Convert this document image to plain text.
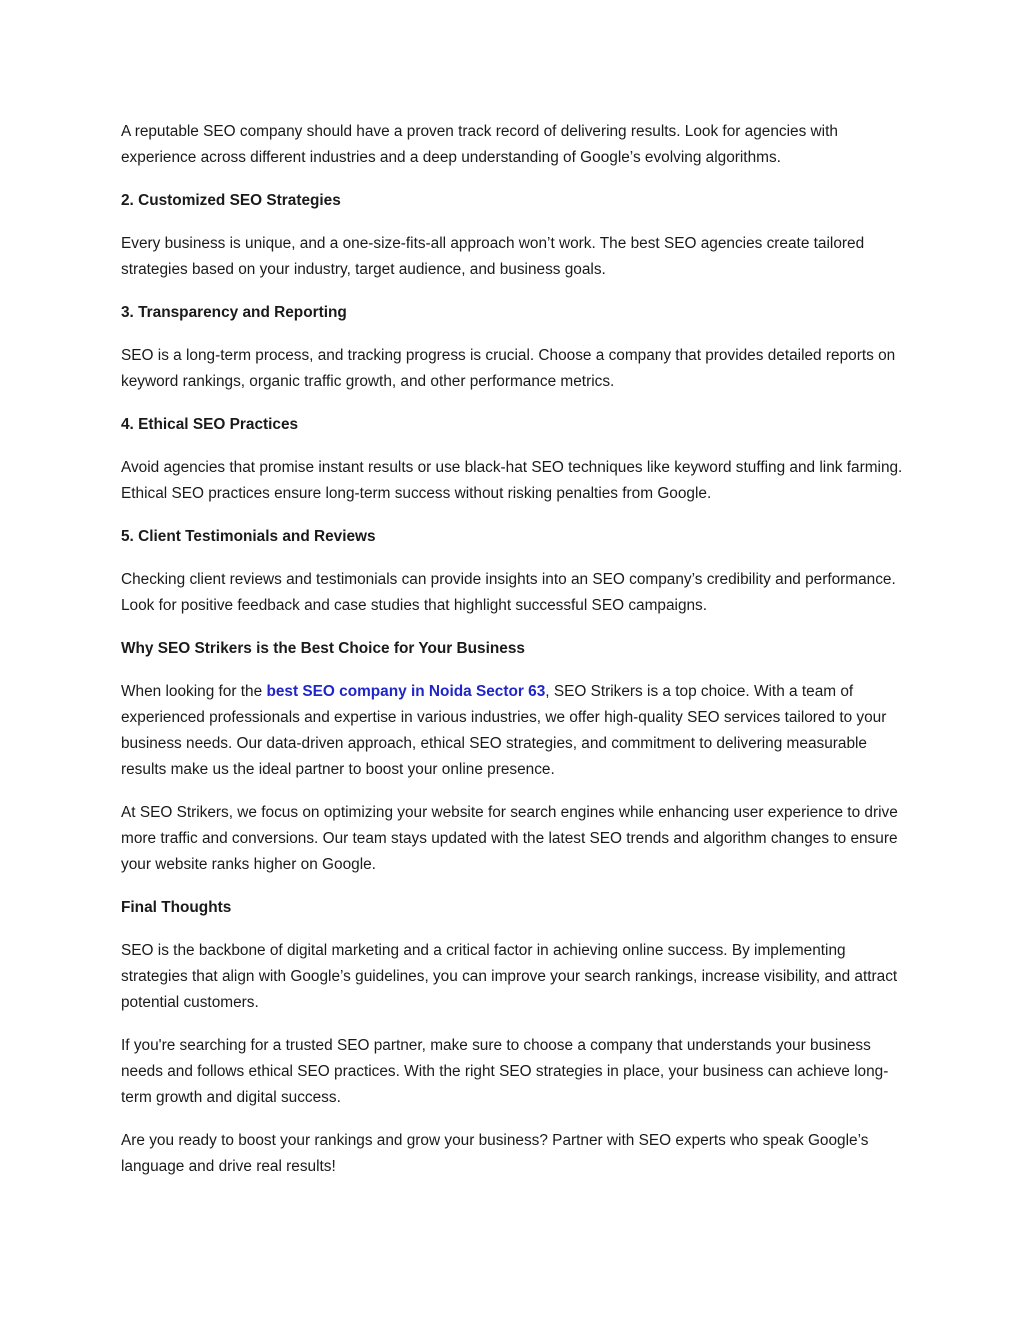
A reputable SEO company should have a proven track record of delivering results. Look for agencies with experience across different industries and a deep understanding of Google’s evolving algorithms.

2. Customized SEO Strategies

Every business is unique, and a one-size-fits-all approach won’t work. The best SEO agencies create tailored strategies based on your industry, target audience, and business goals.

3. Transparency and Reporting

SEO is a long-term process, and tracking progress is crucial. Choose a company that provides detailed reports on keyword rankings, organic traffic growth, and other performance metrics.

4. Ethical SEO Practices

Avoid agencies that promise instant results or use black-hat SEO techniques like keyword stuffing and link farming. Ethical SEO practices ensure long-term success without risking penalties from Google.

5. Client Testimonials and Reviews

Checking client reviews and testimonials can provide insights into an SEO company’s credibility and performance. Look for positive feedback and case studies that highlight successful SEO campaigns.

Why SEO Strikers is the Best Choice for Your Business

When looking for the best SEO company in Noida Sector 63, SEO Strikers is a top choice. With a team of experienced professionals and expertise in various industries, we offer high-quality SEO services tailored to your business needs. Our data-driven approach, ethical SEO strategies, and commitment to delivering measurable results make us the ideal partner to boost your online presence.

At SEO Strikers, we focus on optimizing your website for search engines while enhancing user experience to drive more traffic and conversions. Our team stays updated with the latest SEO trends and algorithm changes to ensure your website ranks higher on Google.

Final Thoughts

SEO is the backbone of digital marketing and a critical factor in achieving online success. By implementing strategies that align with Google’s guidelines, you can improve your search rankings, increase visibility, and attract potential customers.

If you're searching for a trusted SEO partner, make sure to choose a company that understands your business needs and follows ethical SEO practices. With the right SEO strategies in place, your business can achieve long-term growth and digital success.

Are you ready to boost your rankings and grow your business? Partner with SEO experts who speak Google’s language and drive real results!
